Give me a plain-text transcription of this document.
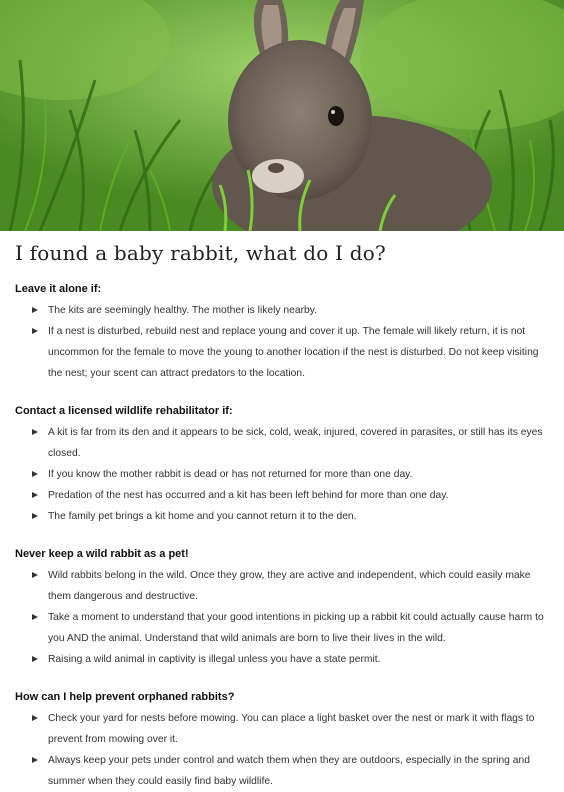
I found a baby rabbit, what do I do?
Leave it alone if:
The kits are seemingly healthy. The mother is likely nearby.
If a nest is disturbed, rebuild nest and replace young and cover it up. The female will likely return, it is not uncommon for the female to move the young to another location if the nest is disturbed. Do not keep visiting the nest; your scent can attract predators to the location.
Contact a licensed wildlife rehabilitator if:
A kit is far from its den and it appears to be sick, cold, weak, injured, covered in parasites, or still has its eyes closed.
If you know the mother rabbit is dead or has not returned for more than one day.
Predation of the nest has occurred and a kit has been left behind for more than one day.
The family pet brings a kit home and you cannot return it to the den.
Never keep a wild rabbit as a pet!
Wild rabbits belong in the wild. Once they grow, they are active and independent, which could easily make them dangerous and destructive.
Take a moment to understand that your good intentions in picking up a rabbit kit could actually cause harm to you AND the animal. Understand that wild animals are born to live their lives in the wild.
Raising a wild animal in captivity is illegal unless you have a state permit.
How can I help prevent orphaned rabbits?
Check your yard for nests before mowing. You can place a light basket over the nest or mark it with flags to prevent from mowing over it.
Always keep your pets under control and watch them when they are outdoors, especially in the spring and summer when they could easily find baby wildlife.
